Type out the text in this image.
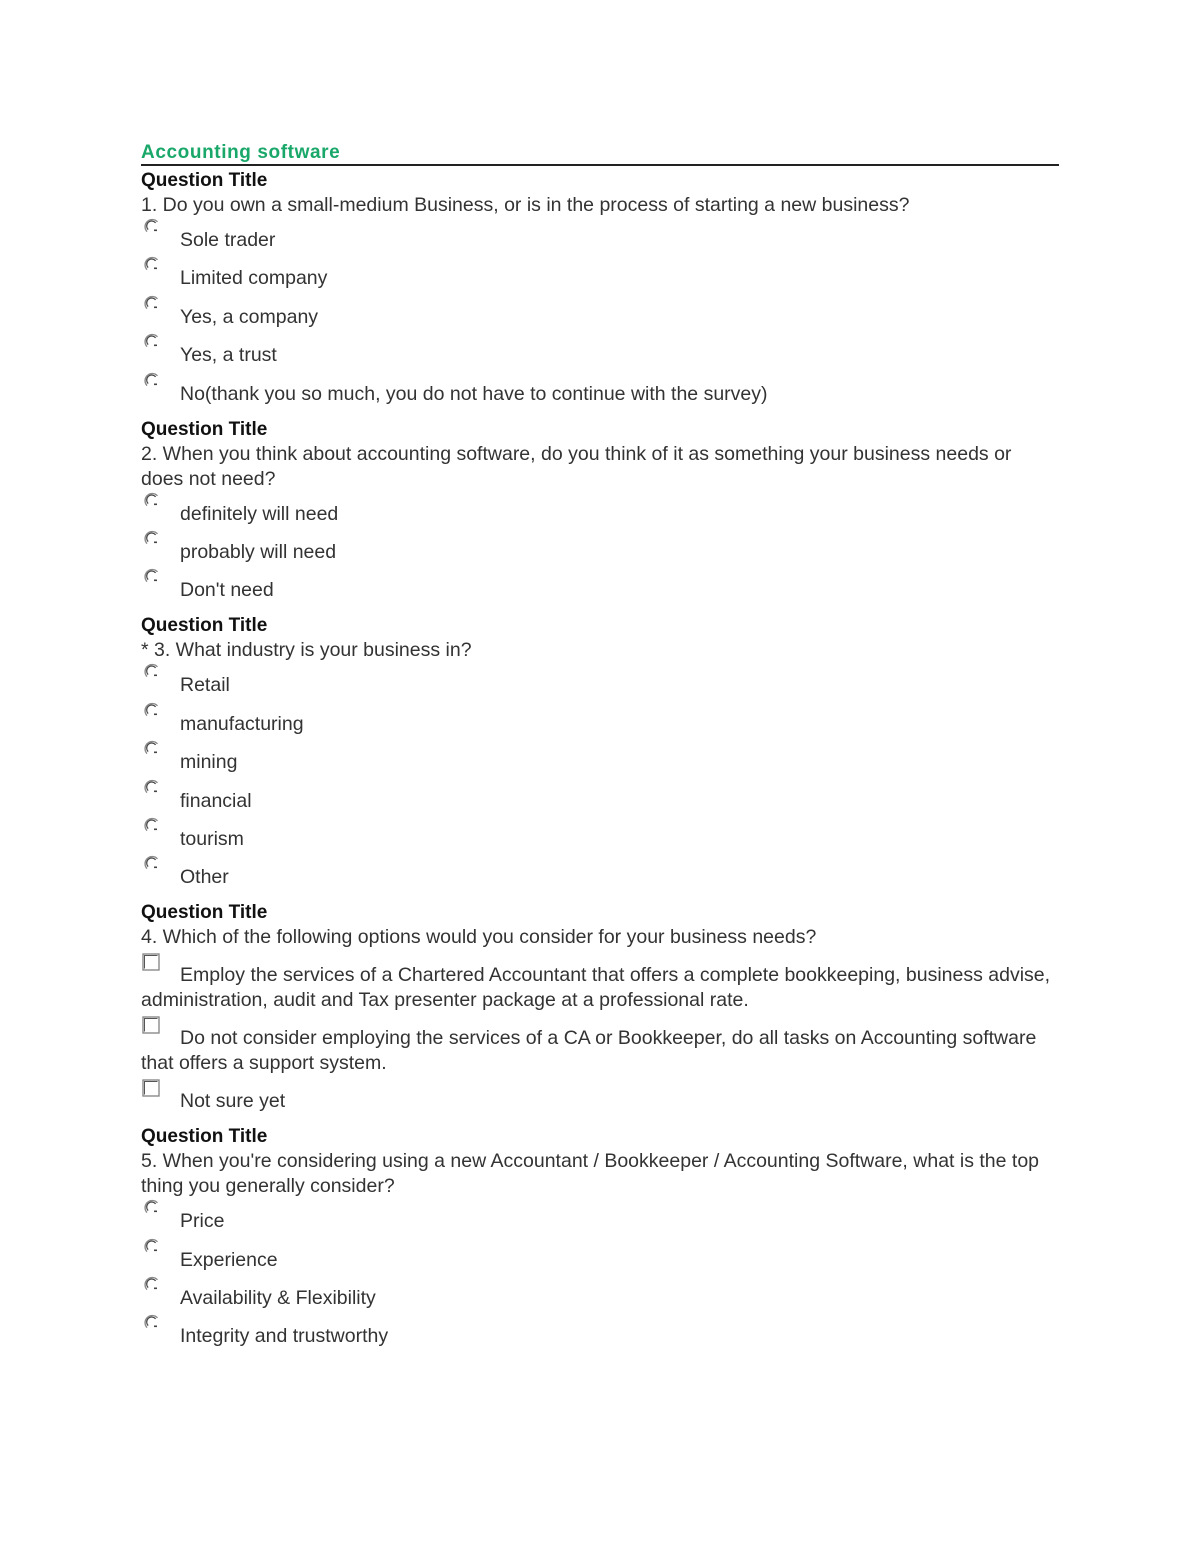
Accounting software
Question Title
1. Do you own a small-medium Business, or is in the process of starting a new business?
Sole trader
Limited company
Yes, a company
Yes, a trust
No(thank you so much, you do not have to continue with the survey)
Question Title
2. When you think about accounting software, do you think of it as something your business needs or does not need?
definitely will need
probably will need
Don't need
Question Title
* 3. What industry is your business in?
Retail
manufacturing
mining
financial
tourism
Other
Question Title
4. Which of the following options would you consider for your business needs?
Employ the services of a Chartered Accountant that offers a complete bookkeeping, business advise, administration, audit and Tax presenter package at a professional rate.
Do not consider employing the services of a CA or Bookkeeper, do all tasks on Accounting software that offers a support system.
Not sure yet
Question Title
5. When you're considering using a new Accountant / Bookkeeper / Accounting Software, what is the top thing you generally consider?
Price
Experience
Availability & Flexibility
Integrity and trustworthy
